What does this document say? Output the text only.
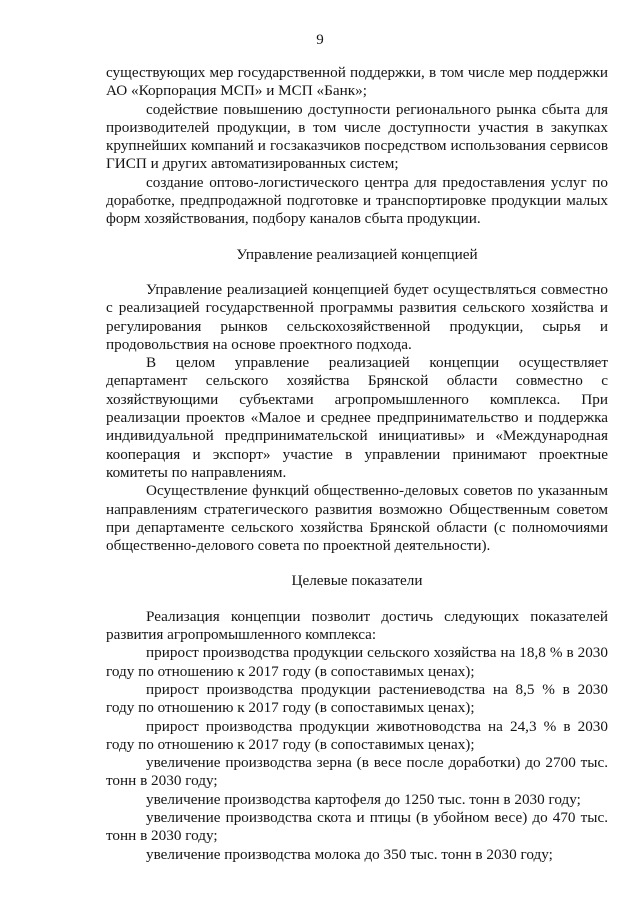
9

существующих мер государственной поддержки, в том числе мер поддержки АО «Корпорация МСП» и МСП «Банк»;

содействие повышению доступности регионального рынка сбыта для производителей продукции, в том числе доступности участия в закупках крупнейших компаний и госзаказчиков посредством использования сервисов ГИСП и других автоматизированных систем;

создание оптово-логистического центра для предоставления услуг по доработке, предпродажной подготовке и транспортировке продукции малых форм хозяйствования, подбору каналов сбыта продукции.

Управление реализацией концепцией

Управление реализацией концепцией будет осуществляться совместно с реализацией государственной программы развития сельского хозяйства и регулирования рынков сельскохозяйственной продукции, сырья и продовольствия на основе проектного подхода.

В целом управление реализацией концепции осуществляет департамент сельского хозяйства Брянской области совместно с хозяйствующими субъектами агропромышленного комплекса. При реализации проектов «Малое и среднее предпринимательство и поддержка индивидуальной предпринимательской инициативы» и «Международная кооперация и экспорт» участие в управлении принимают проектные комитеты по направлениям.

Осуществление функций общественно-деловых советов по указанным направлениям стратегического развития возможно Общественным советом при департаменте сельского хозяйства Брянской области (с полномочиями общественно-делового совета по проектной деятельности).

Целевые показатели

Реализация концепции позволит достичь следующих показателей развития агропромышленного комплекса:

прирост производства продукции сельского хозяйства на 18,8 % в 2030 году по отношению к 2017 году (в сопоставимых ценах);

прирост производства продукции растениеводства на 8,5 % в 2030 году по отношению к 2017 году (в сопоставимых ценах);

прирост производства продукции животноводства на 24,3 % в 2030 году по отношению к 2017 году (в сопоставимых ценах);

увеличение производства зерна (в весе после доработки) до 2700 тыс. тонн в 2030 году;

увеличение производства картофеля до 1250 тыс. тонн в 2030 году;

увеличение производства скота и птицы (в убойном весе) до 470 тыс. тонн в 2030 году;

увеличение производства молока до 350 тыс. тонн в 2030 году;
